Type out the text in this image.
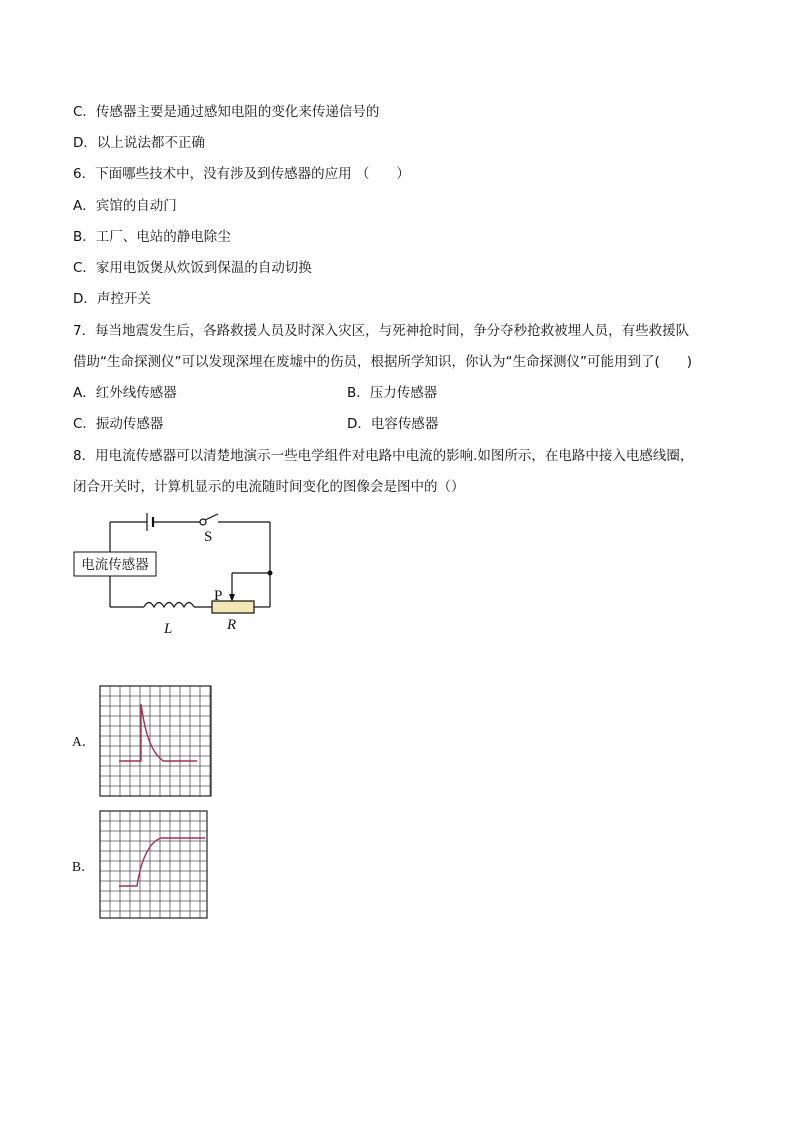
C．传感器主要是通过感知电阻的变化来传递信号的
D．以上说法都不正确
6．下面哪些技术中，没有涉及到传感器的应用 （　　）
A．宾馆的自动门
B．工厂、电站的静电除尘
C．家用电饭煲从炊饭到保温的自动切换
D．声控开关
7．每当地震发生后，各路救援人员及时深入灾区，与死神抢时间，争分夺秒抢救被埋人员，有些救援队
借助“生命探测仪”可以发现深埋在废墟中的伤员，根据所学知识，你认为“生命探测仪”可能用到了(　　)
A．红外线传感器	B．压力传感器
C．振动传感器	D．电容传感器
8．用电流传感器可以清楚地演示一些电学组件对电路中电流的影响.如图所示，在电路中接入电感线圈，
闭合开关时，计算机显示的电流随时间变化的图像会是图中的（）
电流传感器
S
P
L	R
A．
B．
